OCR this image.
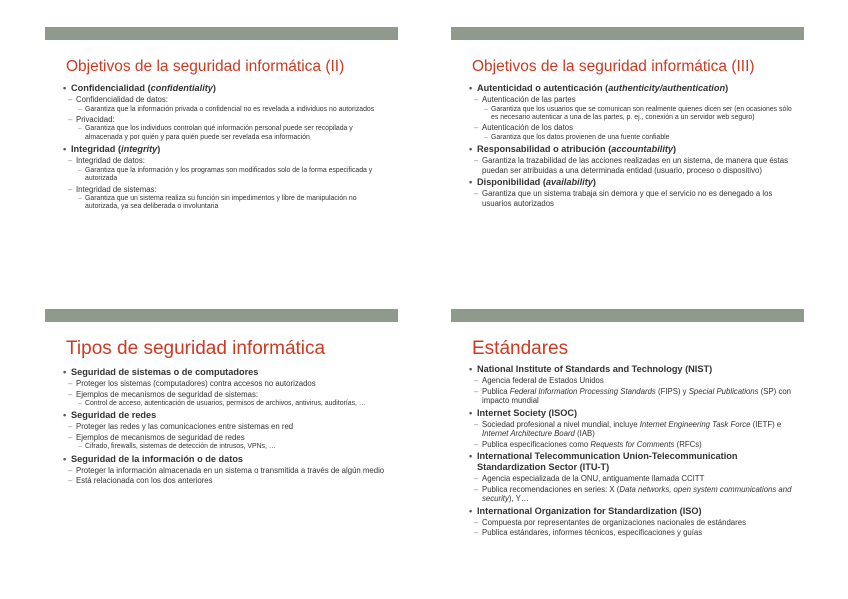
Objetivos de la seguridad informática (II)
• Confidencialidad (confidentiality)
– Confidencialidad de datos:
– Garantiza que la información privada o confidencial no es revelada a individuos no autorizados
– Privacidad:
– Garantiza que los individuos controlan qué información personal puede ser recopilada y almacenada y por quién y para quién puede ser revelada esa información
• Integridad (integrity)
– Integridad de datos:
– Garantiza que la información y los programas son modificados solo de la forma especificada y autorizada
– Integridad de sistemas:
– Garantiza que un sistema realiza su función sin impedimentos y libre de manipulación no autorizada, ya sea deliberada o involuntaria
Objetivos de la seguridad informática (III)
• Autenticidad o autenticación (authenticity/authentication)
– Autenticación de las partes
– Garantiza que los usuarios que se comunican son realmente quienes dicen ser (en ocasiones sólo es necesario autenticar a una de las partes, p. ej., conexión a un servidor web seguro)
– Autenticación de los datos
– Garantiza que los datos provienen de una fuente confiable
• Responsabilidad o atribución (accountability)
– Garantiza la trazabilidad de las acciones realizadas en un sistema, de manera que éstas puedan ser atribuidas a una determinada entidad (usuario, proceso o dispositivo)
• Disponibilidad (availability)
– Garantiza que un sistema trabaja sin demora y que el servicio no es denegado a los usuarios autorizados
Tipos de seguridad informática
• Seguridad de sistemas o de computadores
– Proteger los sistemas (computadores) contra accesos no autorizados
– Ejemplos de mecanismos de seguridad de sistemas:
– Control de acceso, autenticación de usuarios, permisos de archivos, antivirus, auditorías, …
• Seguridad de redes
– Proteger las redes y las comunicaciones entre sistemas en red
– Ejemplos de mecanismos de seguridad de redes
– Cifrado, firewalls, sistemas de detección de intrusos, VPNs, …
• Seguridad de la información o de datos
– Proteger la información almacenada en un sistema o transmitida a través de algún medio
– Está relacionada con los dos anteriores
Estándares
• National Institute of Standards and Technology (NIST)
– Agencia federal de Estados Unidos
– Publica Federal Information Processing Standards (FIPS) y Special Publications (SP) con impacto mundial
• Internet Society (ISOC)
– Sociedad profesional a nivel mundial, incluye Internet Engineering Task Force (IETF) e Internet Architecture Board (IAB)
– Publica especificaciones como Requests for Comments (RFCs)
• International Telecommunication Union-Telecommunication Standardization Sector (ITU-T)
– Agencia especializada de la ONU, antiguamente llamada CCITT
– Publica recomendaciones en series: X (Data networks, open system communications and security), Y…
• International Organization for Standardization (ISO)
– Compuesta por representantes de organizaciones nacionales de estándares
– Publica estándares, informes técnicos, especificaciones y guías
